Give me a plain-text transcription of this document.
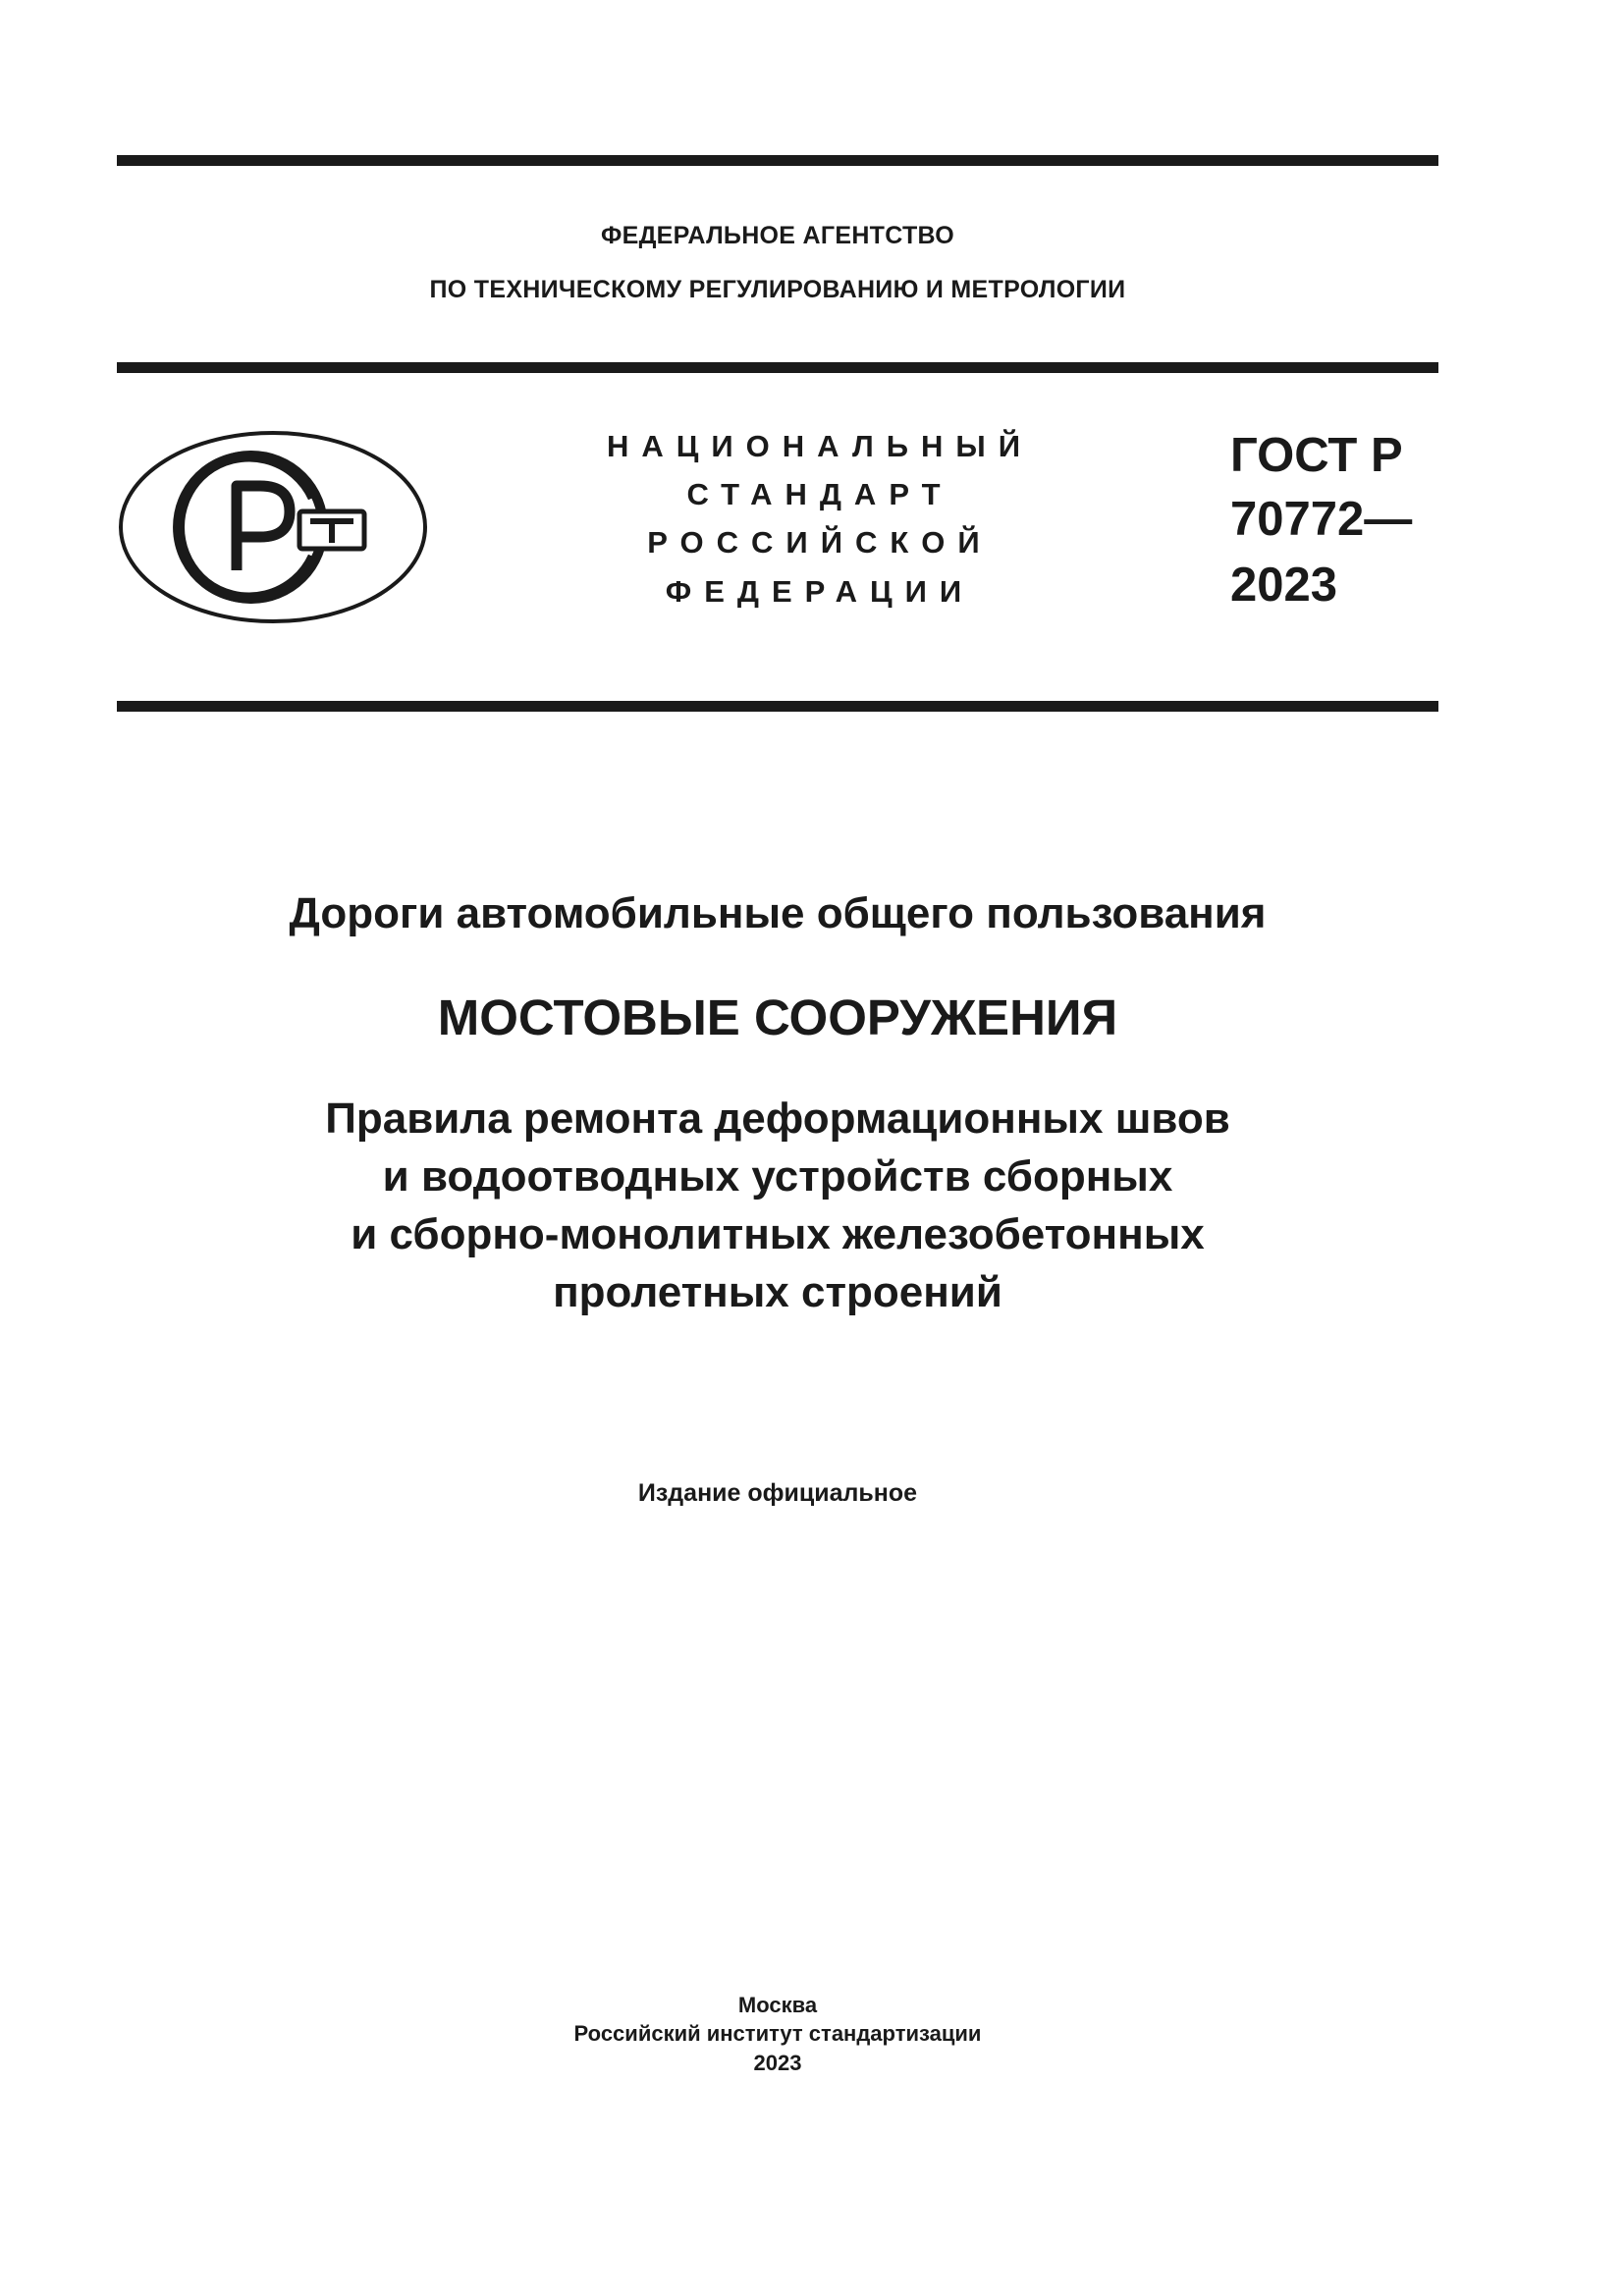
ФЕДЕРАЛЬНОЕ АГЕНТСТВО
ПО ТЕХНИЧЕСКОМУ РЕГУЛИРОВАНИЮ И МЕТРОЛОГИИ
НАЦИОНАЛЬНЫЙ
СТАНДАРТ
РОССИЙСКОЙ
ФЕДЕРАЦИИ
ГОСТ Р
70772—
2023
Дороги автомобильные общего пользования
МОСТОВЫЕ СООРУЖЕНИЯ
Правила ремонта деформационных швов
и водоотводных устройств сборных
и сборно-монолитных железобетонных
пролетных строений
Издание официальное
Москва
Российский институт стандартизации
2023
